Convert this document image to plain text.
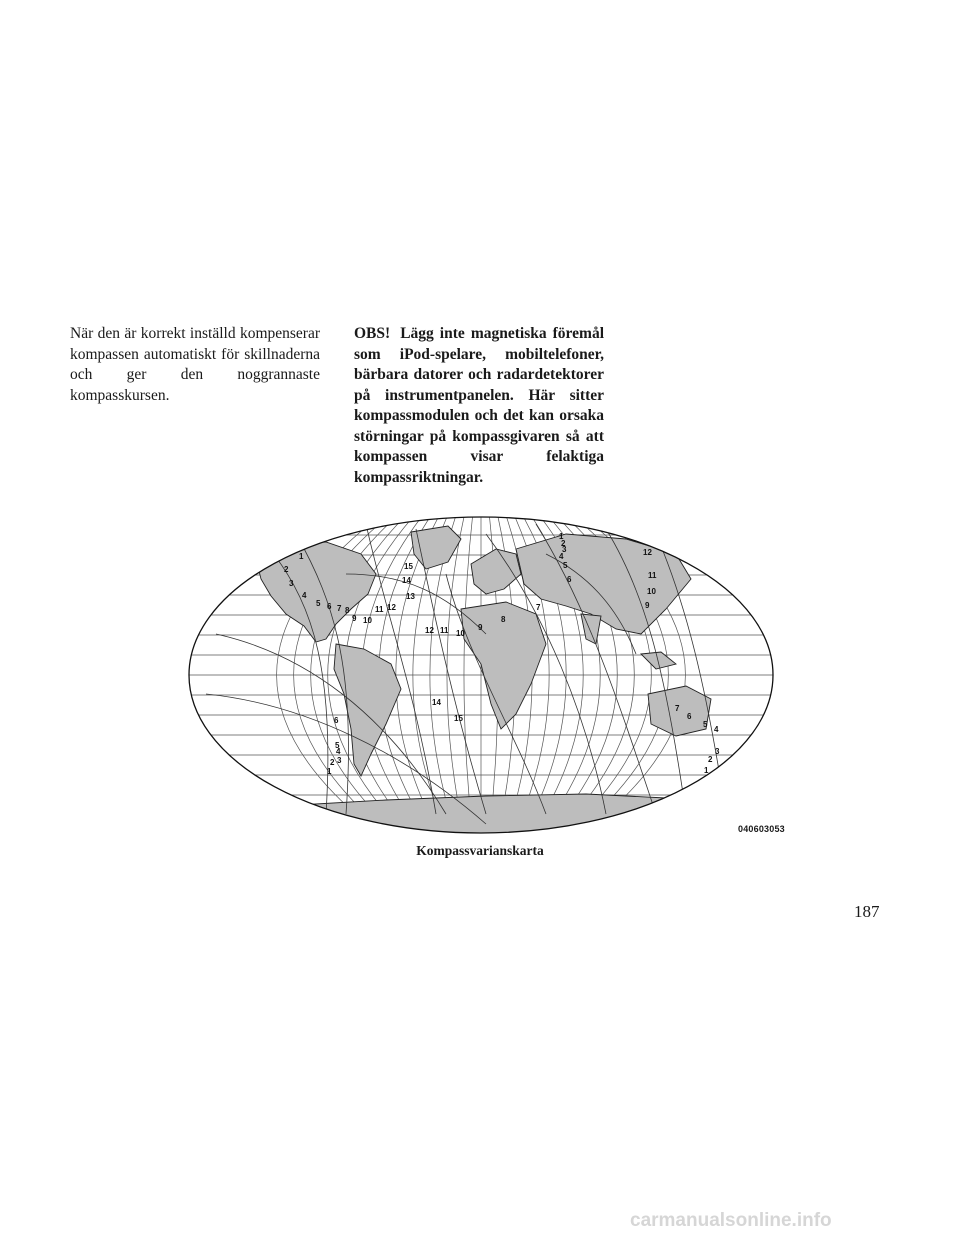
När den är korrekt inställd kompenserar kompassen automatiskt för skillnaderna och ger den noggrannaste kompasskursen.
OBS! Lägg inte magnetiska föremål som iPod-spelare, mobiltelefoner, bärbara datorer och radardetektorer på instrumentpanelen. Här sitter kompassmodulen och det kan orsaka störningar på kompassgivaren så att kompassen visar felaktiga kompassriktningar.
1
2
3
4
5 6 7 8
9 10
11 12
13
14
15
12 11 10
9
12
11
10
9
8
7
1
2
3
4
5
6
6
5
4
3
2
1
14
15
7
6
5
4
3
2
1
040603053
Kompassvarianskarta
187
carmanualsonline.info
